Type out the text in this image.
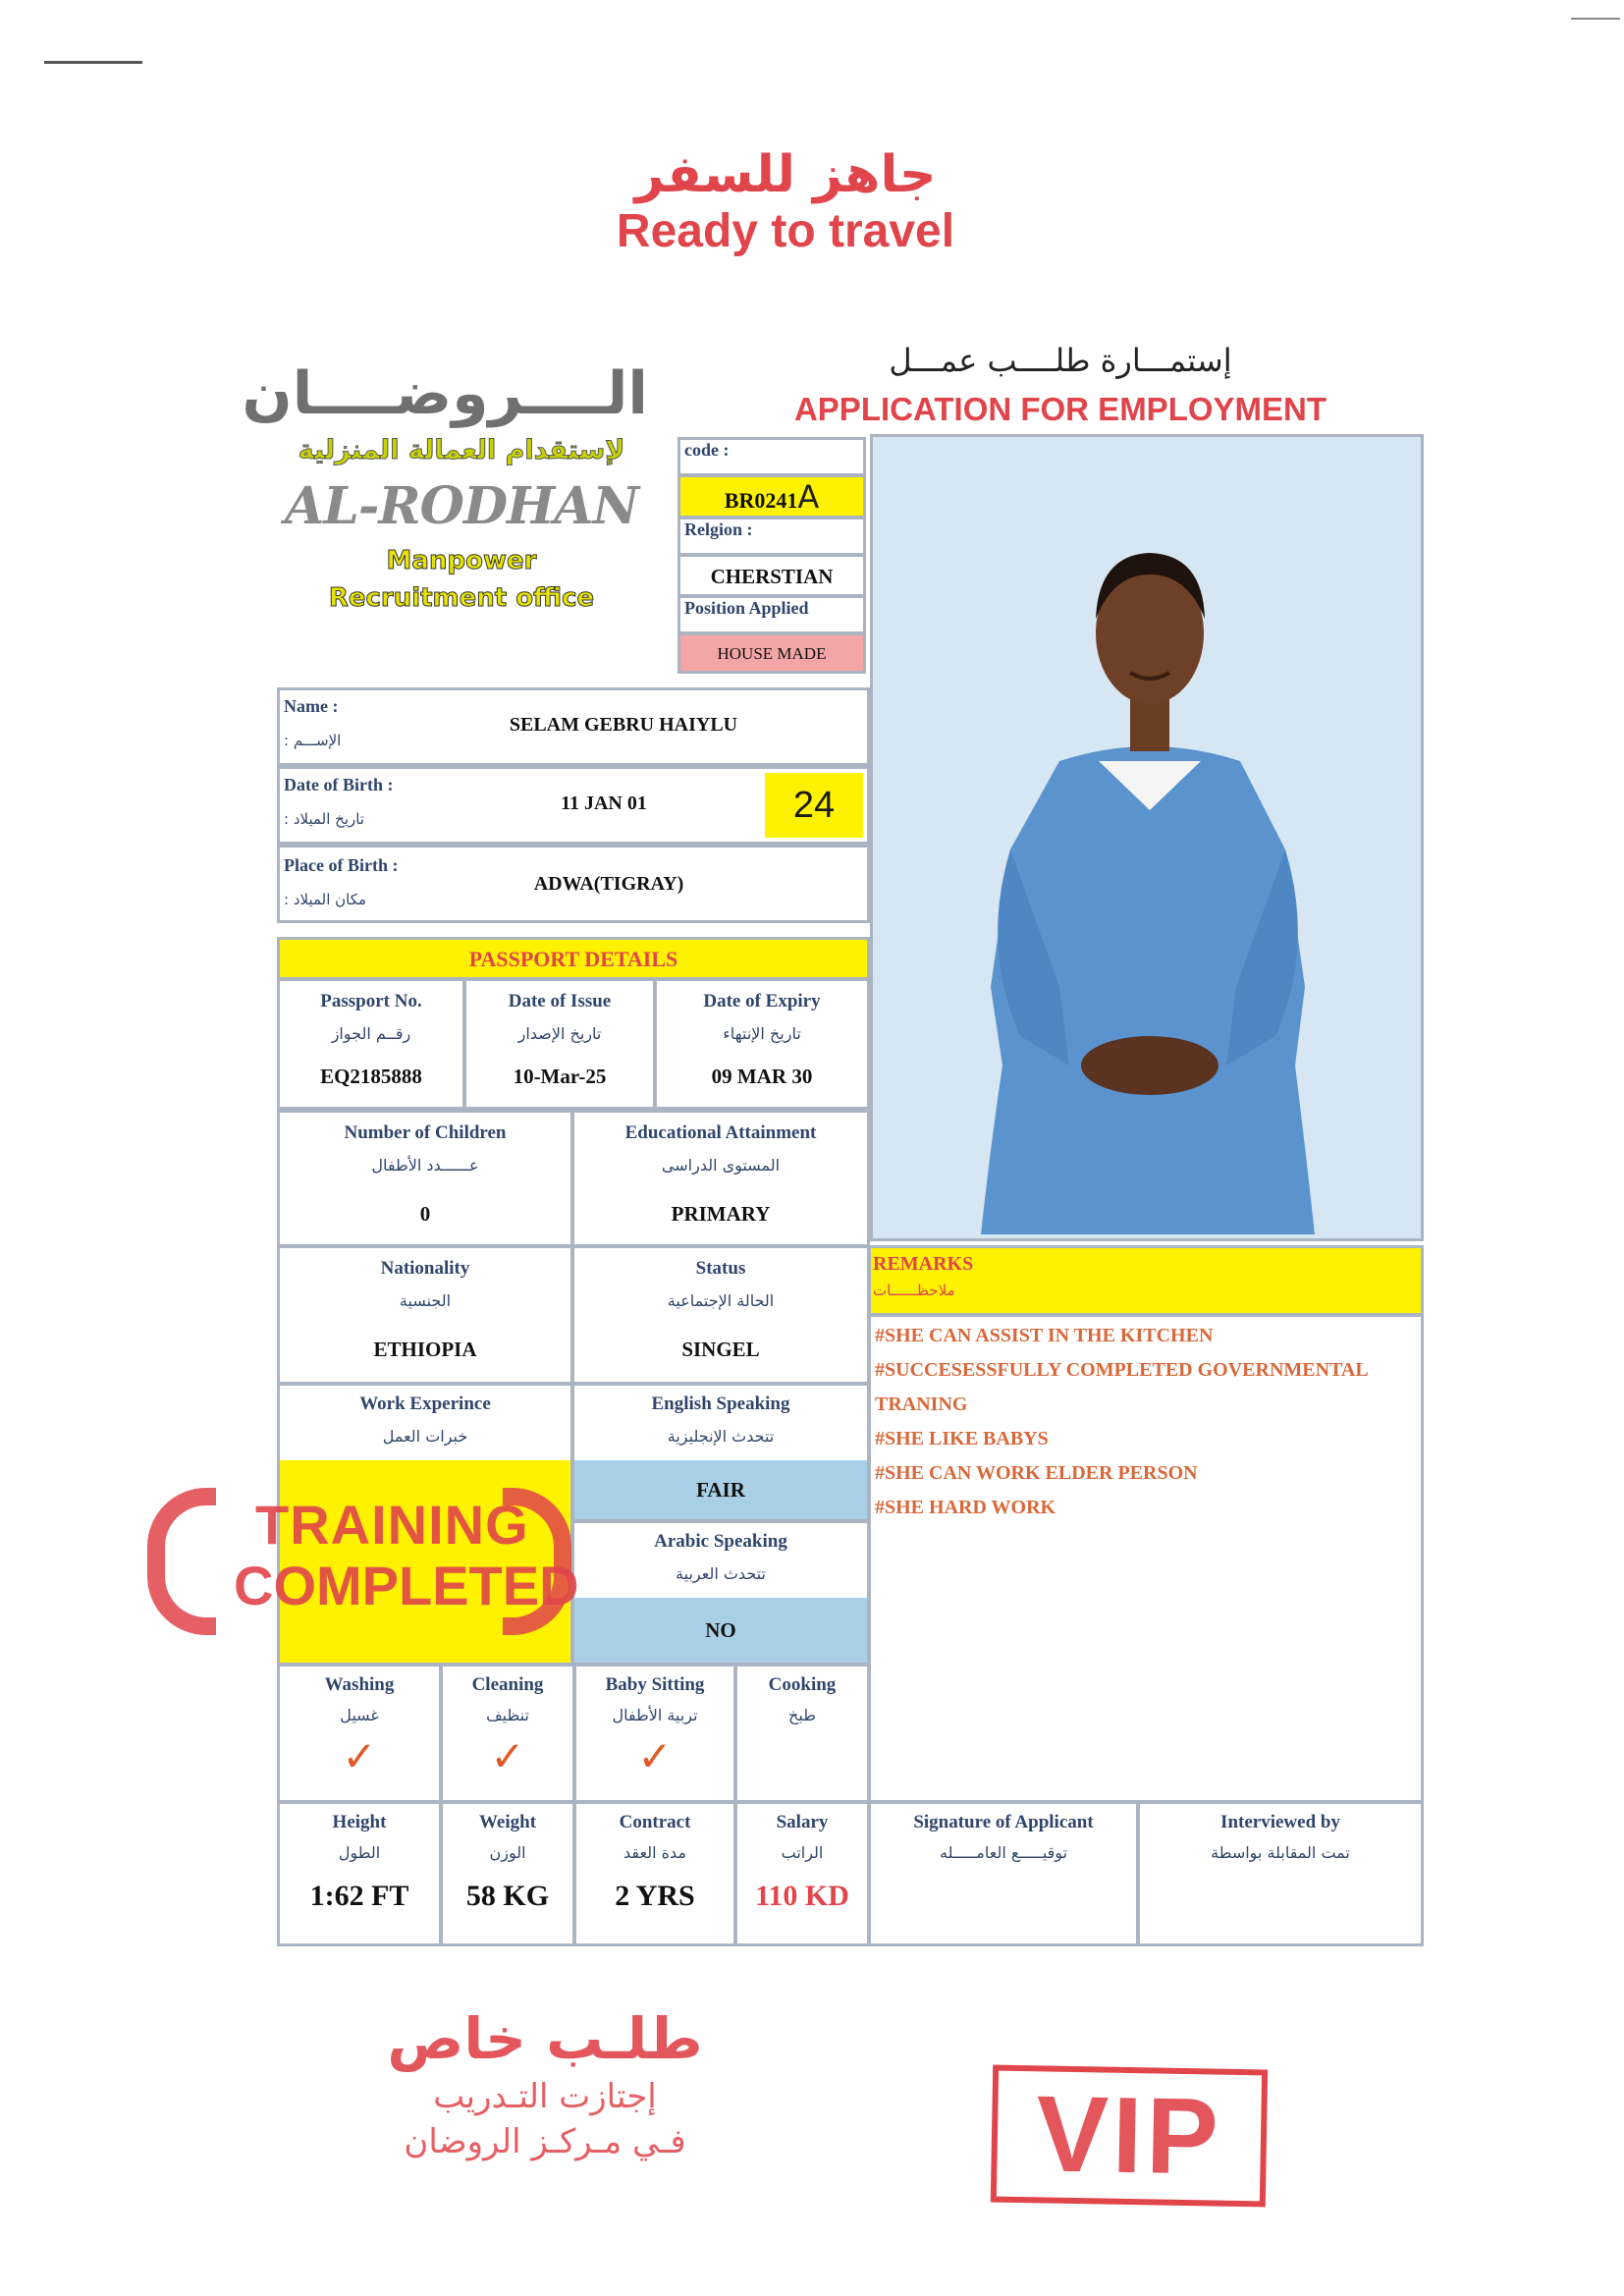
جاهز للسفر
Ready to travel
إستمـــارة طلــــب عمـــل
APPLICATION FOR EMPLOYMENT
الــــروضــــان
لإستقدام العمالة المنزلية
AL-RODHAN
Manpower
Recruitment office
code :
BR0241A
Relgion :
CHERSTIAN
Position Applied
HOUSE MADE
Name :
: الإســـم
SELAM GEBRU HAIYLU
Date of Birth :
: تاريخ الميلاد
11 JAN 01	24
Place of Birth :
: مكان الميلاد
ADWA(TIGRAY)
PASSPORT DETAILS
Passport No.
رقــم الجواز
EQ2185888
Date of Issue
تاريخ الإصدار
10-Mar-25
Date of Expiry
تاريخ الإنتهاء
09 MAR 30
Number of Children
عــــــدد الأطفال
0
Educational Attainment
المستوى الدراسى
PRIMARY
Nationality
الجنسية
ETHIOPIA
Status
الحالة الإجتماعية
SINGEL
Work Experince
خبرات العمل
English Speaking
تتحدث الإنجليزية
FAIR
Arabic Speaking
تتحدث العربية
NO
TRAINING
COMPLETED
REMARKS
ملاحظــــــات
#SHE CAN ASSIST IN THE KITCHEN
#SUCCESESSFULLY COMPLETED GOVERNMENTAL
TRANING
#SHE LIKE BABYS
#SHE CAN WORK ELDER PERSON
#SHE HARD WORK
Washing
غسيل
✓
Cleaning
تنظيف
✓
Baby Sitting
تربية الأطفال
✓
Cooking
طبخ
Height
الطول
1:62 FT
Weight
الوزن
58 KG
Contract
مدة العقد
2 YRS
Salary
الراتب
110 KD
Signature of Applicant
توقيـــــع العامـــــله
Interviewed by
تمت المقابلة بواسطة
طلـب خاص
إجتازت التـدريب
فـي مـركـز الروضان	VIP
